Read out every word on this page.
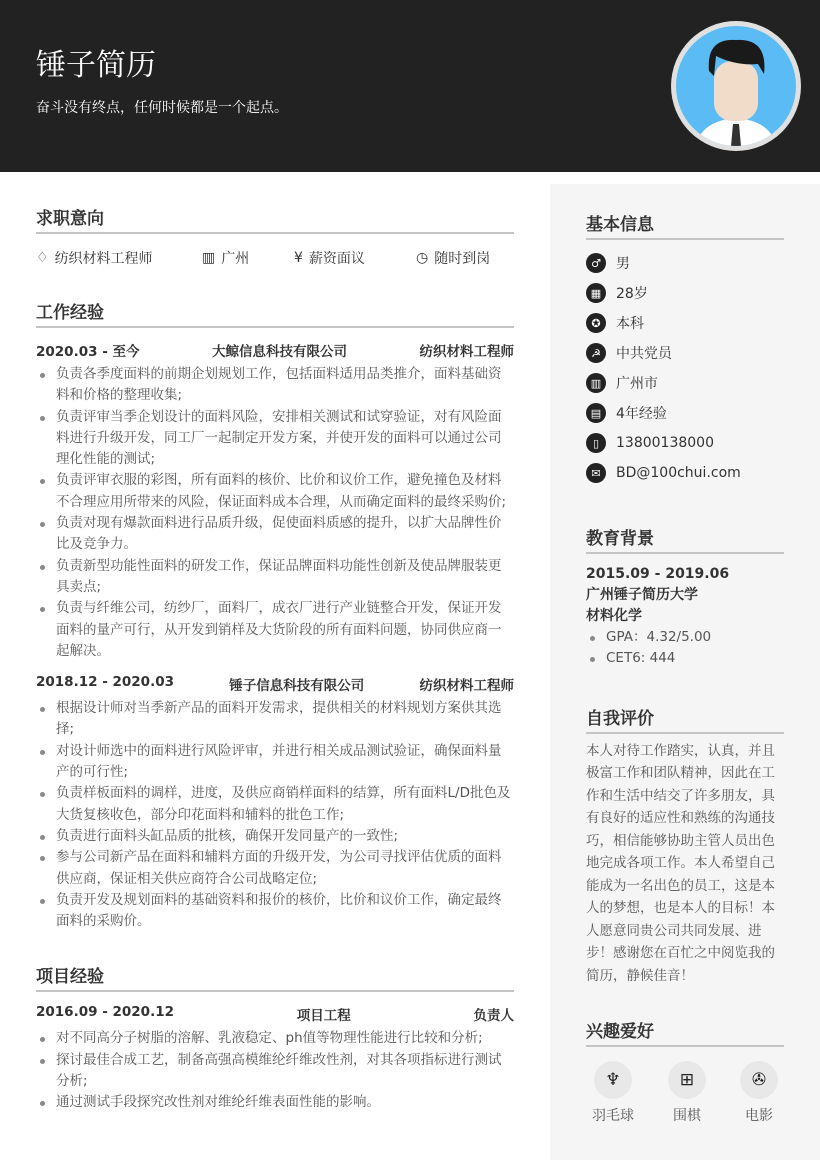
锤子简历
奋斗没有终点，任何时候都是一个起点。
求职意向
♢ 纺织材料工程师	▥ 广州	¥ 薪资面议	◷ 随时到岗
工作经验
2020.03 - 至今	大鲸信息科技有限公司	纺织材料工程师
负责各季度面料的前期企划规划工作，包括面料适用品类推介，面料基础资料和价格的整理收集;
负责评审当季企划设计的面料风险，安排相关测试和试穿验证，对有风险面料进行升级开发，同工厂一起制定开发方案，并使开发的面料可以通过公司理化性能的测试;
负责评审衣服的彩图，所有面料的核价、比价和议价工作，避免撞色及材料不合理应用所带来的风险，保证面料成本合理，从而确定面料的最终采购价;
负责对现有爆款面料进行品质升级，促使面料质感的提升，以扩大品牌性价比及竞争力。
负责新型功能性面料的研发工作，保证品牌面料功能性创新及使品牌服装更具卖点;
负责与纤维公司，纺纱厂，面料厂，成衣厂进行产业链整合开发，保证开发面料的量产可行，从开发到销样及大货阶段的所有面料问题，协同供应商一起解决。
2018.12 - 2020.03	锤子信息科技有限公司	纺织材料工程师
根据设计师对当季新产品的面料开发需求，提供相关的材料规划方案供其选择;
对设计师选中的面料进行风险评审，并进行相关成品测试验证，确保面料量产的可行性;
负责样板面料的调样，进度，及供应商销样面料的结算，所有面料L/D批色及大货复核收色，部分印花面料和辅料的批色工作;
负责进行面料头缸品质的批核，确保开发同量产的一致性;
参与公司新产品在面料和辅料方面的升级开发，为公司寻找评估优质的面料供应商，保证相关供应商符合公司战略定位;
负责开发及规划面料的基础资料和报价的核价，比价和议价工作，确定最终面料的采购价。
项目经验
2016.09 - 2020.12	项目工程	负责人
对不同高分子树脂的溶解、乳液稳定、ph值等物理性能进行比较和分析;
探讨最佳合成工艺，制备高强高模维纶纤维改性剂，对其各项指标进行测试分析;
通过测试手段探究改性剂对维纶纤维表面性能的影响。
基本信息
♂	男
▦	28岁
✪	本科
☭	中共党员
▥	广州市
▤	4年经验
▯	13800138000
✉	BD@100chui.com
教育背景
2015.09 - 2019.06
广州锤子简历大学
材料化学
GPA：4.32/5.00
CET6: 444
自我评价
本人对待工作踏实，认真，并且极富工作和团队精神，因此在工作和生活中结交了许多朋友，具有良好的适应性和熟练的沟通技巧，相信能够协助主管人员出色地完成各项工作。本人希望自己能成为一名出色的员工，这是本人的梦想，也是本人的目标！本人愿意同贵公司共同发展、进步！感谢您在百忙之中阅览我的简历，静候佳音！
兴趣爱好
♆
羽毛球
⊞
围棋
✇
电影
